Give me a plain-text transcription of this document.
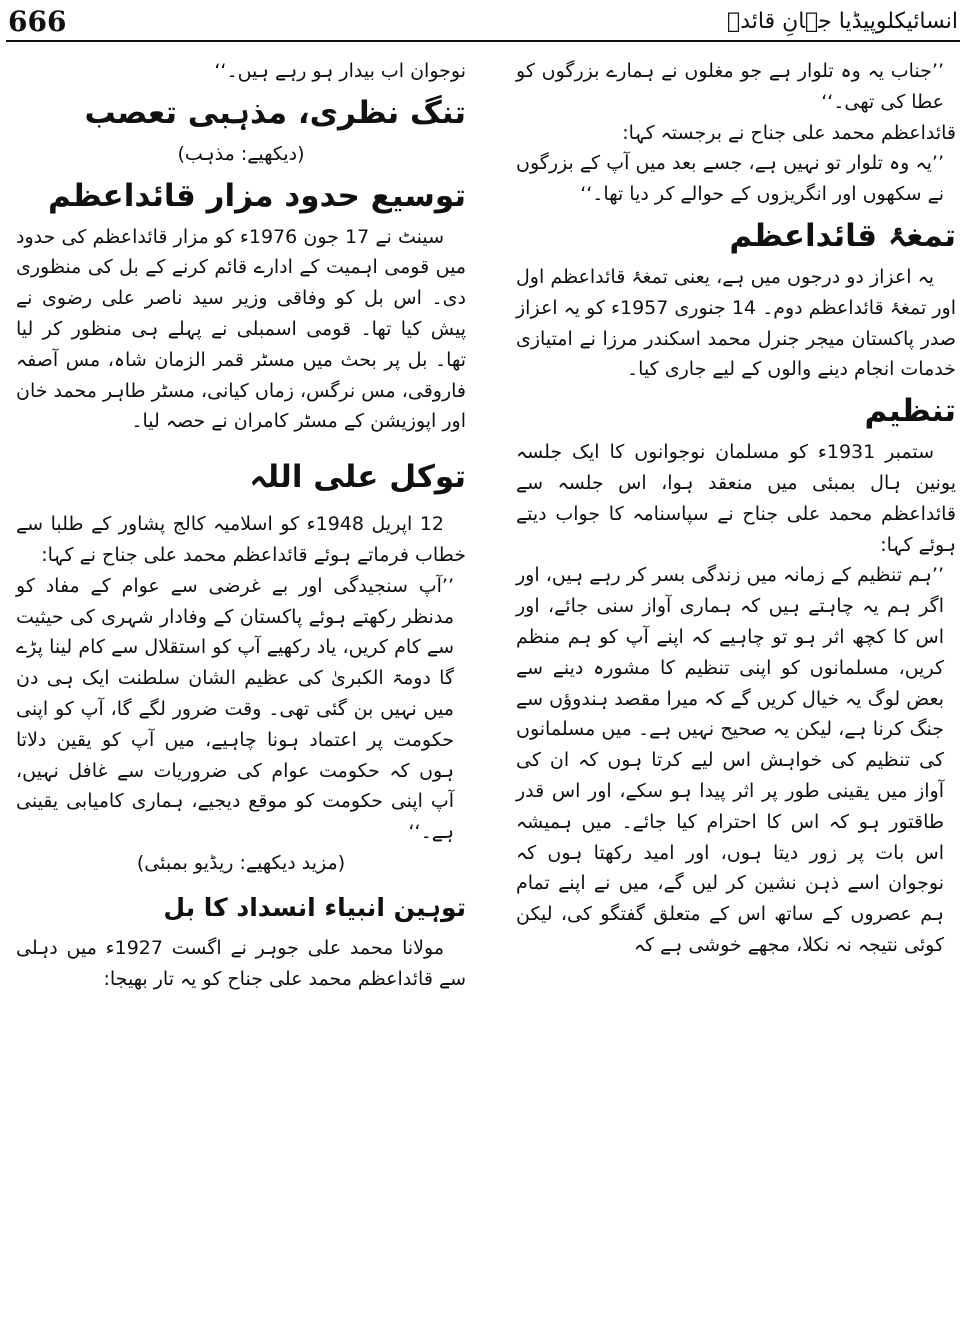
666	انسائیکلوپیڈیا جہانِ قائدؒ

’’جناب یہ وہ تلوار ہے جو مغلوں نے ہمارے بزرگوں کو عطا کی تھی۔‘‘

قائداعظم محمد علی جناح نے برجستہ کہا:

’’یہ وہ تلوار تو نہیں ہے، جسے بعد میں آپ کے بزرگوں نے سکھوں اور انگریزوں کے حوالے کر دیا تھا۔‘‘

تمغۂ قائداعظم

یہ اعزاز دو درجوں میں ہے، یعنی تمغۂ قائداعظم اول اور تمغۂ قائداعظم دوم۔ 14 جنوری 1957ء کو یہ اعزاز صدر پاکستان میجر جنرل محمد اسکندر مرزا نے امتیازی خدمات انجام دینے والوں کے لیے جاری کیا۔

تنظیم

ستمبر 1931ء کو مسلمان نوجوانوں کا ایک جلسہ یونین ہال بمبئی میں منعقد ہوا، اس جلسہ سے قائداعظم محمد علی جناح نے سپاسنامہ کا جواب دیتے ہوئے کہا:

’’ہم تنظیم کے زمانہ میں زندگی بسر کر رہے ہیں، اور اگر ہم یہ چاہتے ہیں کہ ہماری آواز سنی جائے، اور اس کا کچھ اثر ہو تو چاہیے کہ اپنے آپ کو ہم منظم کریں، مسلمانوں کو اپنی تنظیم کا مشورہ دینے سے بعض لوگ یہ خیال کریں گے کہ میرا مقصد ہندوؤں سے جنگ کرنا ہے، لیکن یہ صحیح نہیں ہے۔ میں مسلمانوں کی تنظیم کی خواہش اس لیے کرتا ہوں کہ ان کی آواز میں یقینی طور پر اثر پیدا ہو سکے، اور اس قدر طاقتور ہو کہ اس کا احترام کیا جائے۔ میں ہمیشہ اس بات پر زور دیتا ہوں، اور امید رکھتا ہوں کہ نوجوان اسے ذہن نشین کر لیں گے، میں نے اپنے تمام ہم عصروں کے ساتھ اس کے متعلق گفتگو کی، لیکن کوئی نتیجہ نہ نکلا، مجھے خوشی ہے کہ

نوجوان اب بیدار ہو رہے ہیں۔‘‘

تنگ نظری، مذہبی تعصب

(دیکھیے: مذہب)

توسیع حدود مزار قائداعظم

سینٹ نے 17 جون 1976ء کو مزار قائداعظم کی حدود میں قومی اہمیت کے ادارے قائم کرنے کے بل کی منظوری دی۔ اس بل کو وفاقی وزیر سید ناصر علی رضوی نے پیش کیا تھا۔ قومی اسمبلی نے پہلے ہی منظور کر لیا تھا۔ بل پر بحث میں مسٹر قمر الزمان شاہ، مس آصفہ فاروقی، مس نرگس، زماں کیانی، مسٹر طاہر محمد خان اور اپوزیشن کے مسٹر کامران نے حصہ لیا۔

توکل علی اللہ

12 اپریل 1948ء کو اسلامیہ کالج پشاور کے طلبا سے خطاب فرماتے ہوئے قائداعظم محمد علی جناح نے کہا:

’’آپ سنجیدگی اور بے غرضی سے عوام کے مفاد کو مدنظر رکھتے ہوئے پاکستان کے وفادار شہری کی حیثیت سے کام کریں، یاد رکھیے آپ کو استقلال سے کام لینا پڑے گا دومۃ الکبریٰ کی عظیم الشان سلطنت ایک ہی دن میں نہیں بن گئی تھی۔ وقت ضرور لگے گا، آپ کو اپنی حکومت پر اعتماد ہونا چاہیے، میں آپ کو یقین دلاتا ہوں کہ حکومت عوام کی ضروریات سے غافل نہیں، آپ اپنی حکومت کو موقع دیجیے، ہماری کامیابی یقینی ہے۔‘‘

(مزید دیکھیے: ریڈیو بمبئی)

توہین انبیاء انسداد کا بل

مولانا محمد علی جوہر نے اگست 1927ء میں دہلی سے قائداعظم محمد علی جناح کو یہ تار بھیجا:
